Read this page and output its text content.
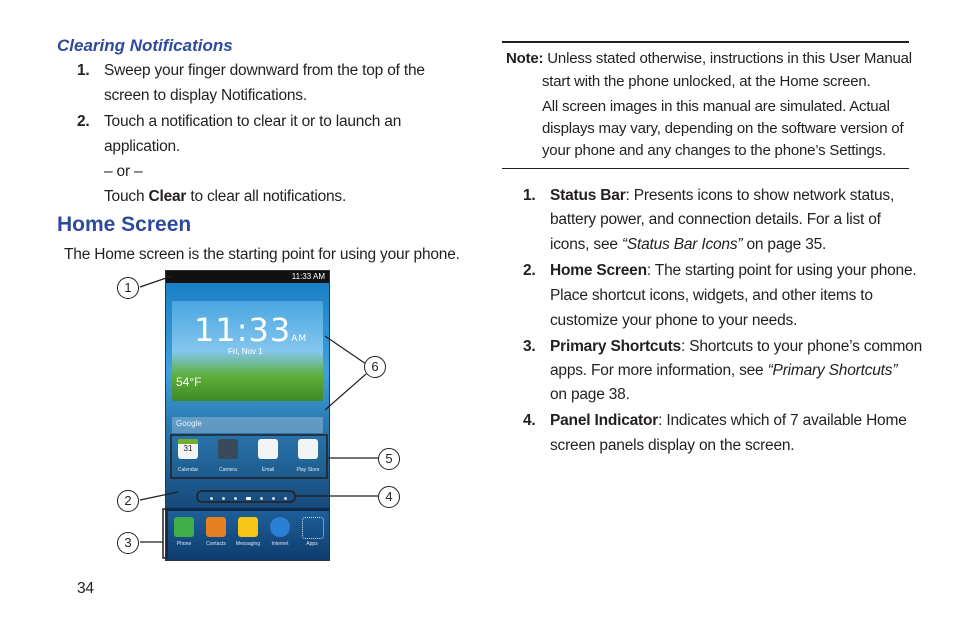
Clearing Notifications
1. Sweep your finger downward from the top of the
screen to display Notifications.
2. Touch a notification to clear it or to launch an
application.
– or –
Touch Clear to clear all notifications.
Home Screen
The Home screen is the starting point for using your phone.
11:33 AM
11:33AM
Fri, Nov 1
54°F
Google
31
Calendar	Camera	Email	Play Store
Phone	Contacts	Messaging	Internet	Apps
1
2
3
4
5
6
34
Note: Unless stated otherwise, instructions in this User Manual
start with the phone unlocked, at the Home screen.
All screen images in this manual are simulated. Actual
displays may vary, depending on the software version of
your phone and any changes to the phone’s Settings.
1. Status Bar: Presents icons to show network status,
battery power, and connection details. For a list of
icons, see “Status Bar Icons” on page 35.
2. Home Screen: The starting point for using your phone.
Place shortcut icons, widgets, and other items to
customize your phone to your needs.
3. Primary Shortcuts: Shortcuts to your phone’s common
apps. For more information, see “Primary Shortcuts”
on page 38.
4. Panel Indicator: Indicates which of 7 available Home
screen panels display on the screen.
